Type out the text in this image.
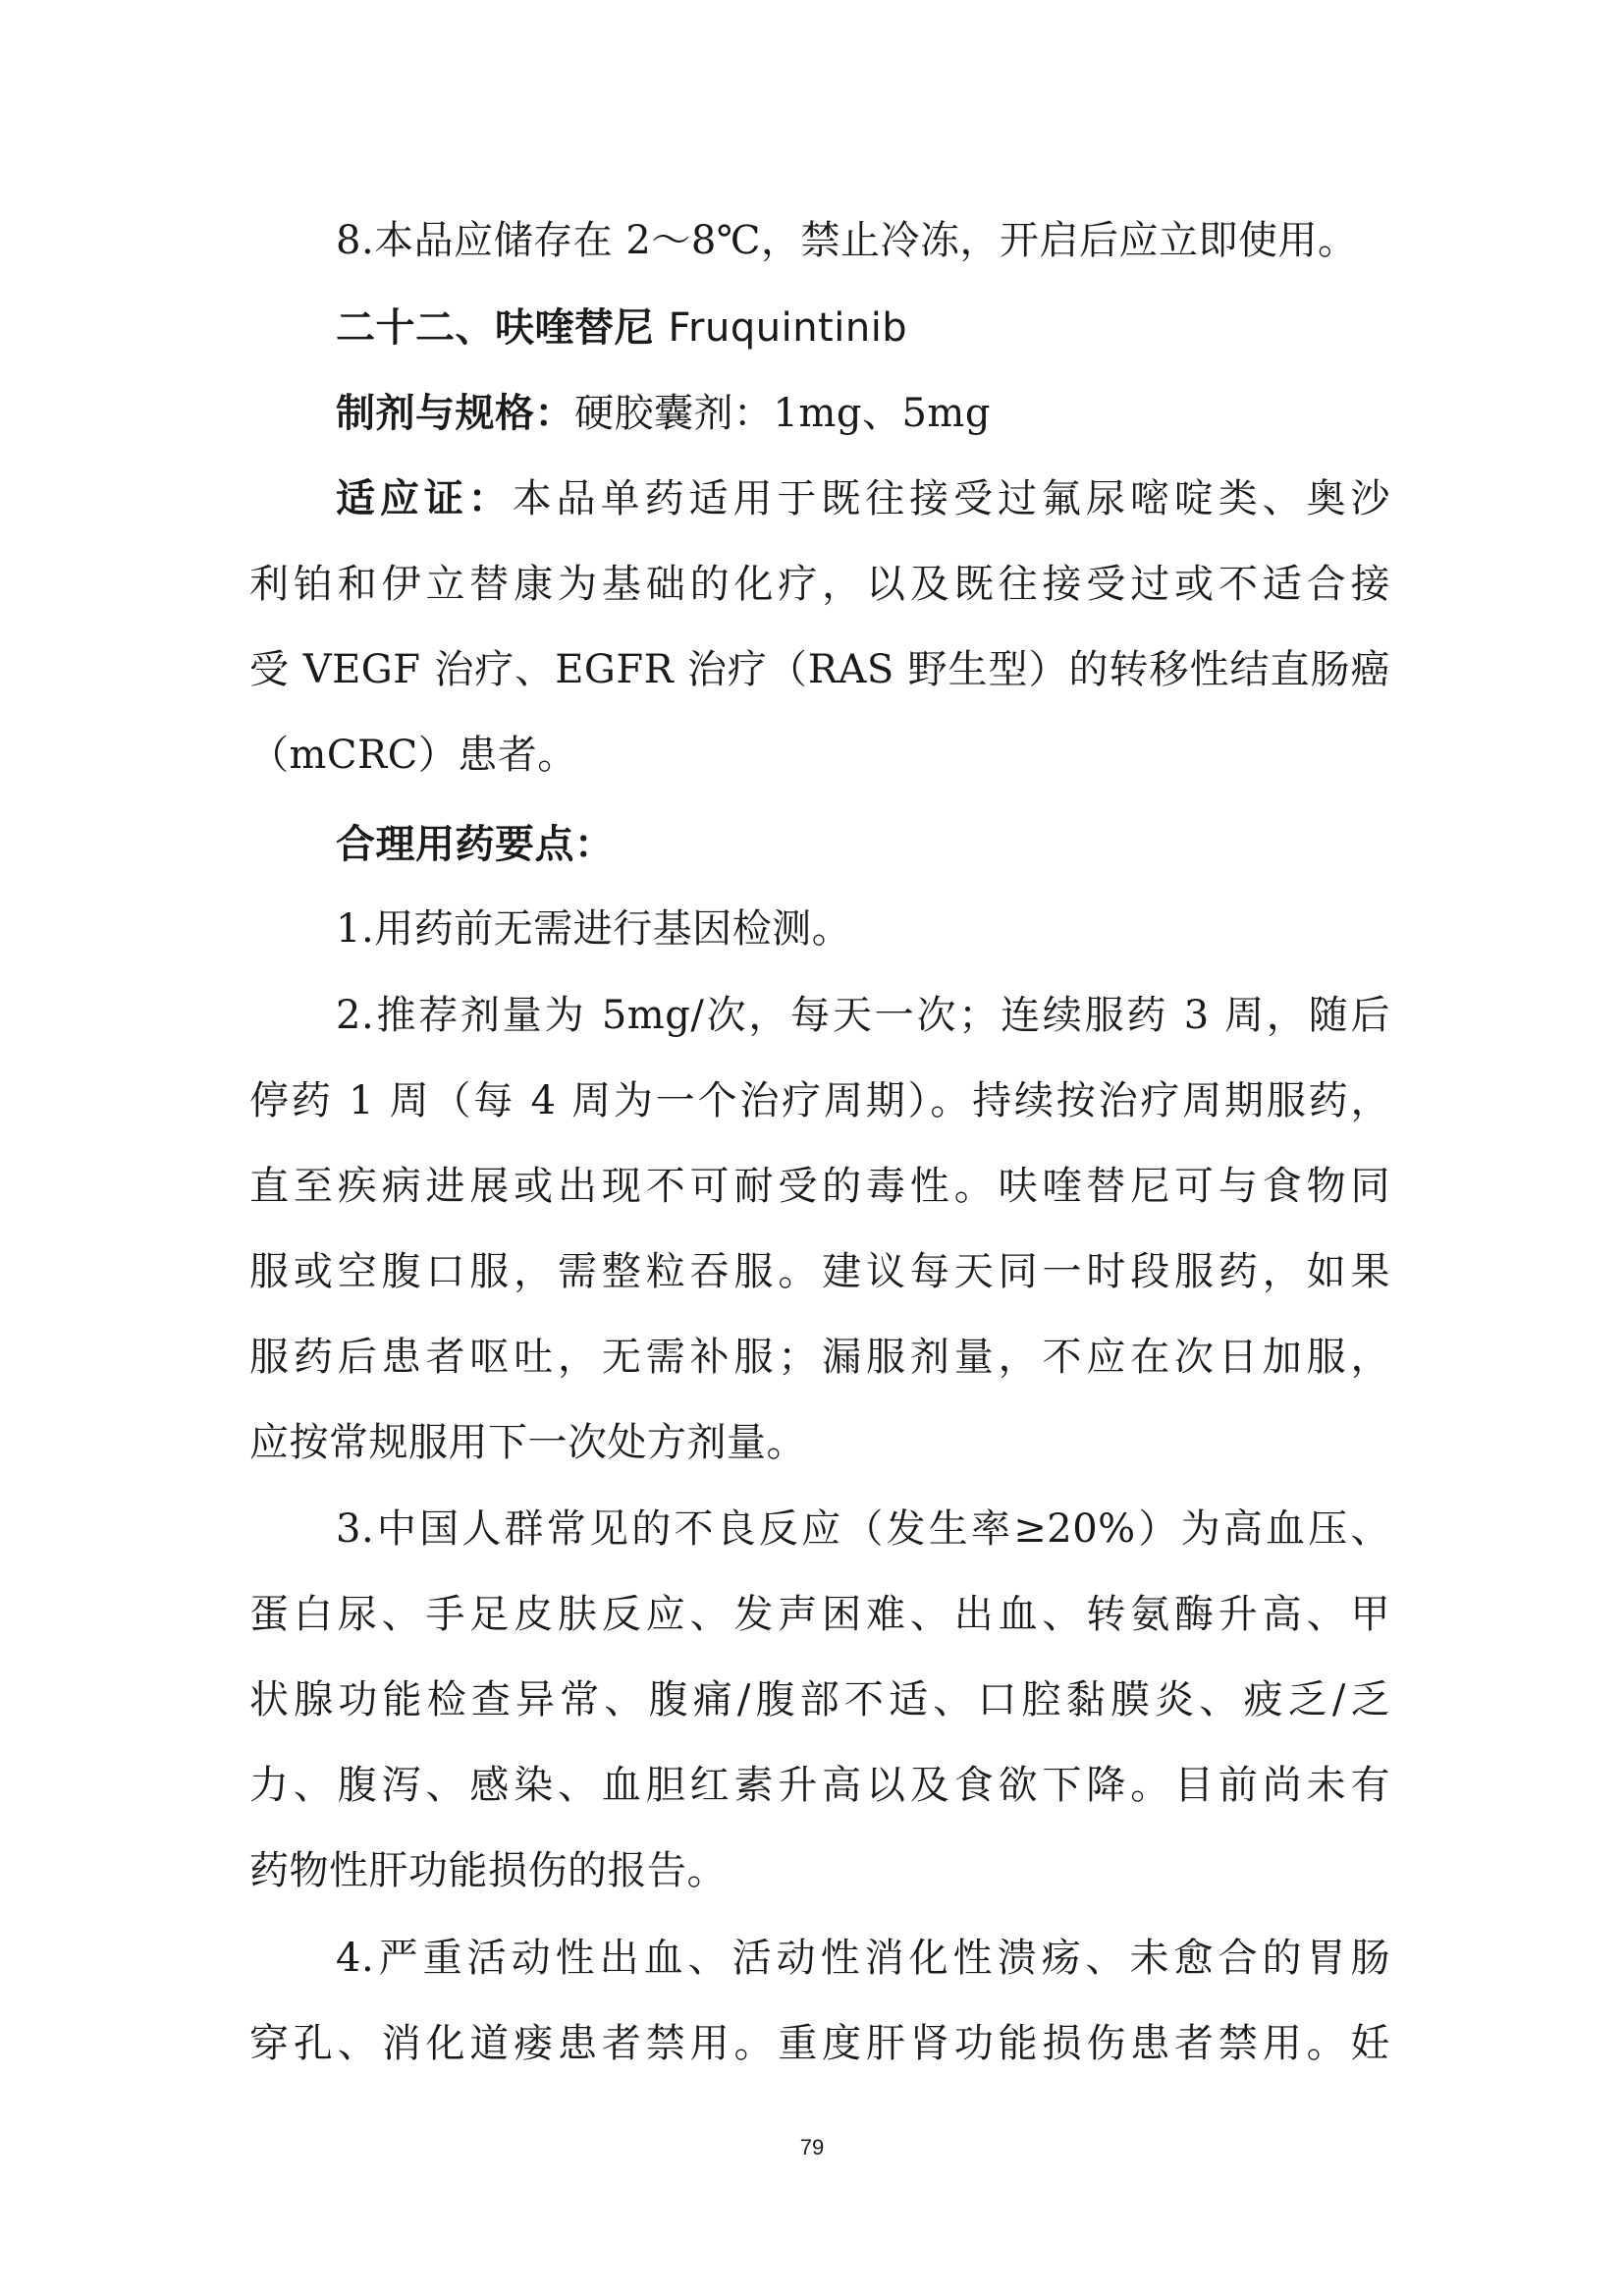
8.本品应储存在 2～8℃，禁止冷冻，开启后应立即使用。
二十二、呋喹替尼 Fruquintinib
制剂与规格：硬胶囊剂：1mg、5mg
适应证：本品单药适用于既往接受过氟尿嘧啶类、奥沙
利铂和伊立替康为基础的化疗，以及既往接受过或不适合接
受 VEGF 治疗、EGFR 治疗（RAS 野生型）的转移性结直肠癌
（mCRC）患者。
合理用药要点：
1.用药前无需进行基因检测。
2.推荐剂量为 5mg/次，每天一次；连续服药 3 周，随后
停药 1 周（每 4 周为一个治疗周期）。持续按治疗周期服药，
直至疾病进展或出现不可耐受的毒性。呋喹替尼可与食物同
服或空腹口服，需整粒吞服。建议每天同一时段服药，如果
服药后患者呕吐，无需补服；漏服剂量，不应在次日加服，
应按常规服用下一次处方剂量。
3.中国人群常见的不良反应（发生率≥20%）为高血压、
蛋白尿、手足皮肤反应、发声困难、出血、转氨酶升高、甲
状腺功能检查异常、腹痛/腹部不适、口腔黏膜炎、疲乏/乏
力、腹泻、感染、血胆红素升高以及食欲下降。目前尚未有
药物性肝功能损伤的报告。
4.严重活动性出血、活动性消化性溃疡、未愈合的胃肠
穿孔、消化道瘘患者禁用。重度肝肾功能损伤患者禁用。妊
79
